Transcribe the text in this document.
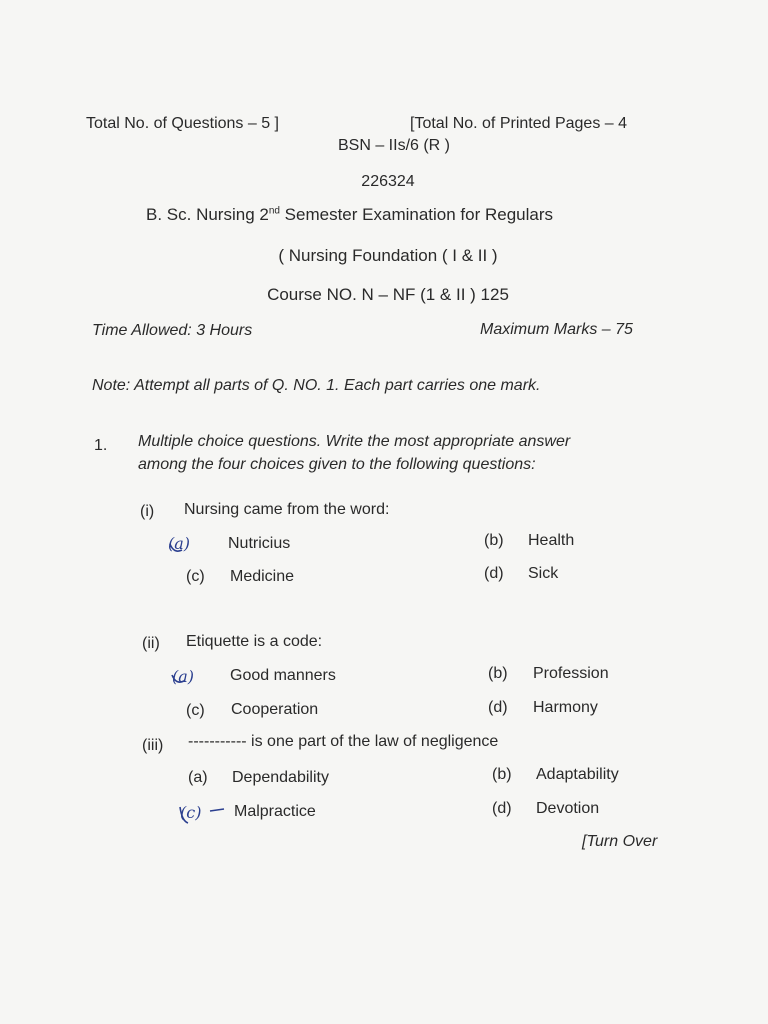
Total No. of Questions – 5 ]	[Total No. of Printed Pages – 4
BSN – IIs/6 (R )
226324
B. Sc. Nursing 2nd Semester Examination for Regulars
( Nursing Foundation ( I & II )
Course NO. N – NF (1 & II ) 125
Time Allowed: 3 Hours	Maximum Marks – 75
Note: Attempt all parts of Q. NO. 1. Each part carries one mark.
1. Multiple choice questions. Write the most appropriate answer
among the four choices given to the following questions:
(i) Nursing came from the word:
(a) Nutricius	(b) Health
(c) Medicine	(d) Sick
(ii) Etiquette is a code:
(a) Good manners	(b) Profession
(c) Cooperation	(d) Harmony
(iii) ----------- is one part of the law of negligence
(a) Dependability	(b) Adaptability
(c) Malpractice	(d) Devotion
[Turn Over
